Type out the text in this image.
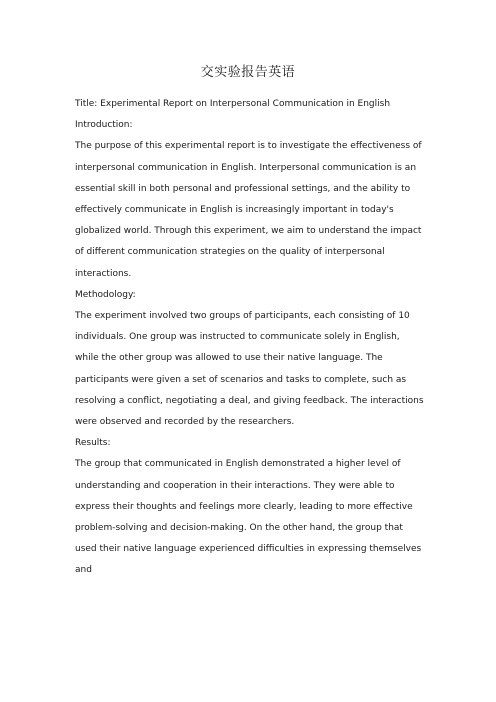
交实验报告英语

Title: Experimental Report on Interpersonal Communication in English

Introduction:

The purpose of this experimental report is to investigate the effectiveness of interpersonal communication in English. Interpersonal communication is an essential skill in both personal and professional settings, and the ability to effectively communicate in English is increasingly important in today's globalized world. Through this experiment, we aim to understand the impact of different communication strategies on the quality of interpersonal interactions.

Methodology:

The experiment involved two groups of participants, each consisting of 10 individuals. One group was instructed to communicate solely in English, while the other group was allowed to use their native language. The participants were given a set of scenarios and tasks to complete, such as resolving a conflict, negotiating a deal, and giving feedback. The interactions were observed and recorded by the researchers.

Results:

The group that communicated in English demonstrated a higher level of understanding and cooperation in their interactions. They were able to express their thoughts and feelings more clearly, leading to more effective problem-solving and decision-making. On the other hand, the group that used their native language experienced difficulties in expressing themselves and
